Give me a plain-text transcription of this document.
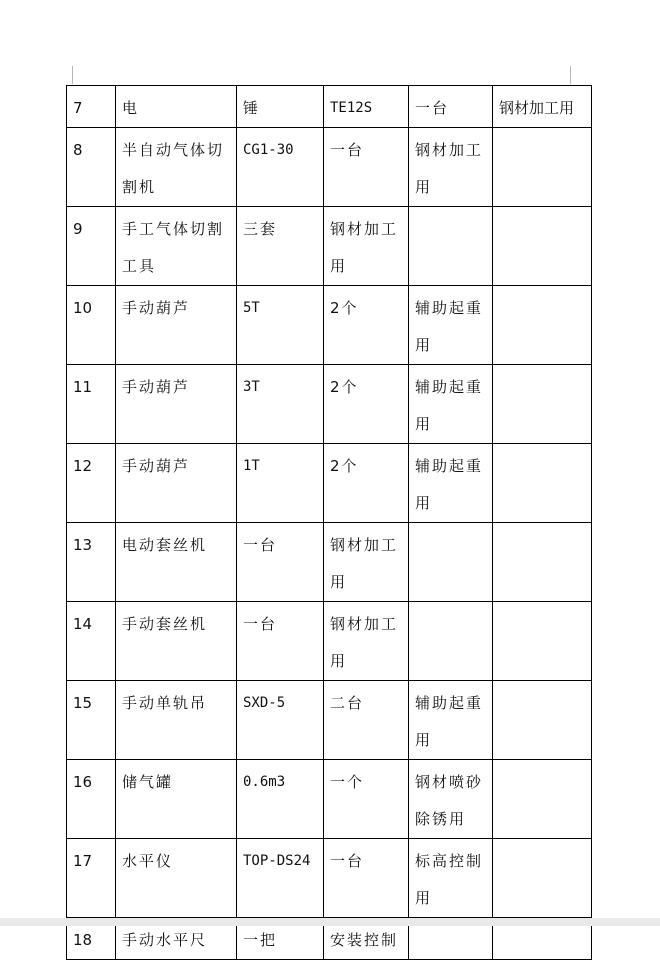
7	电	锤	TE12S	一台	钢材加工用

8	半自动气体切割机	CG1-30	一台	钢材加工用	

9	手工气体切割工具	三套	钢材加工用		

10	手动葫芦	5T	2个	辅助起重用	

11	手动葫芦	3T	2个	辅助起重用	

12	手动葫芦	1T	2个	辅助起重用	

13	电动套丝机	一台	钢材加工用		

14	手动套丝机	一台	钢材加工用		

15	手动单轨吊	SXD-5	二台	辅助起重用	

16	储气罐	0.6m3	一个	钢材喷砂除锈用	

17	水平仪	TOP-DS24	一台	标高控制用	

18	手动水平尺	一把	安装控制		
